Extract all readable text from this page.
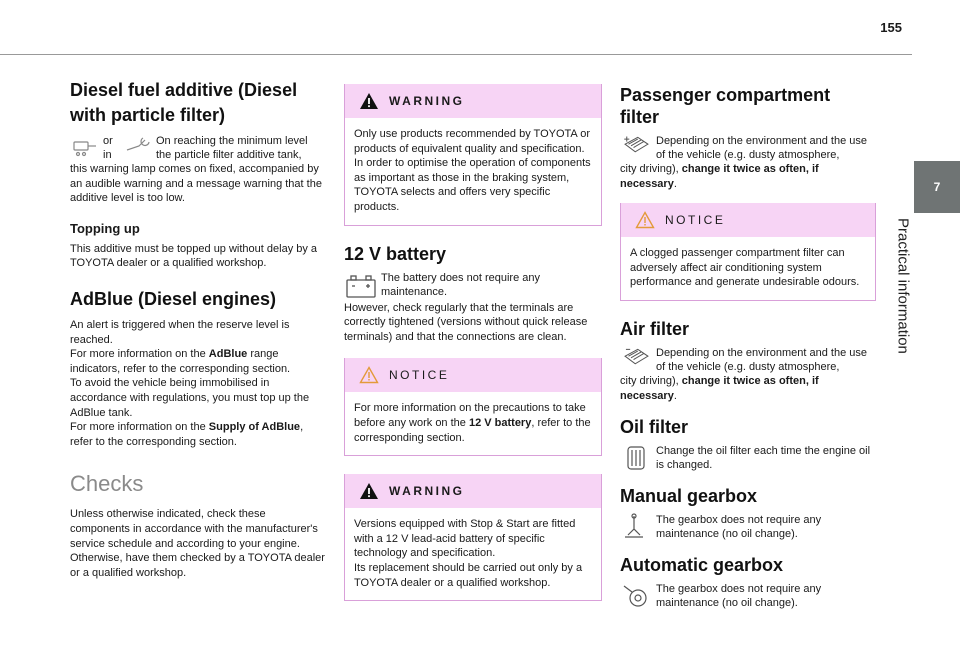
155
7
Practical information
Diesel fuel additive (Diesel
with particle filter)
or
in

On reaching the minimum level the particle filter additive tank,

this warning lamp comes on fixed, accompanied by an audible warning and a message warning that the additive level is too low.

Topping up

This additive must be topped up without delay by a TOYOTA dealer or a qualified workshop.

AdBlue (Diesel engines)

An alert is triggered when the reserve level is reached.

For more information on the AdBlue range indicators, refer to the corresponding section.

To avoid the vehicle being immobilised in accordance with regulations, you must top up the AdBlue tank.

For more information on the Supply of AdBlue, refer to the corresponding section.

Checks

Unless otherwise indicated, check these components in accordance with the manufacturer's service schedule and according to your engine.

Otherwise, have them checked by a TOYOTA dealer or a qualified workshop.

WARNING

Only use products recommended by TOYOTA or products of equivalent quality and specification.

In order to optimise the operation of components as important as those in the braking system, TOYOTA selects and offers very specific products.

12 V battery

The battery does not require any maintenance.

However, check regularly that the terminals are correctly tightened (versions without quick release terminals) and that the connections are clean.

NOTICE

For more information on the precautions to take before any work on the 12 V battery, refer to the corresponding section.

WARNING

Versions equipped with Stop & Start are fitted with a 12 V lead-acid battery of specific technology and specification.

Its replacement should be carried out only by a TOYOTA dealer or a qualified workshop.

Passenger compartment
filter

Depending on the environment and the use of the vehicle (e.g. dusty atmosphere,

city driving), change it twice as often, if necessary.

NOTICE

A clogged passenger compartment filter can adversely affect air conditioning system performance and generate undesirable odours.

Air filter

Depending on the environment and the use of the vehicle (e.g. dusty atmosphere,

city driving), change it twice as often, if necessary.

Oil filter

Change the oil filter each time the engine oil is changed.

Manual gearbox

The gearbox does not require any maintenance (no oil change).

Automatic gearbox

The gearbox does not require any maintenance (no oil change).
